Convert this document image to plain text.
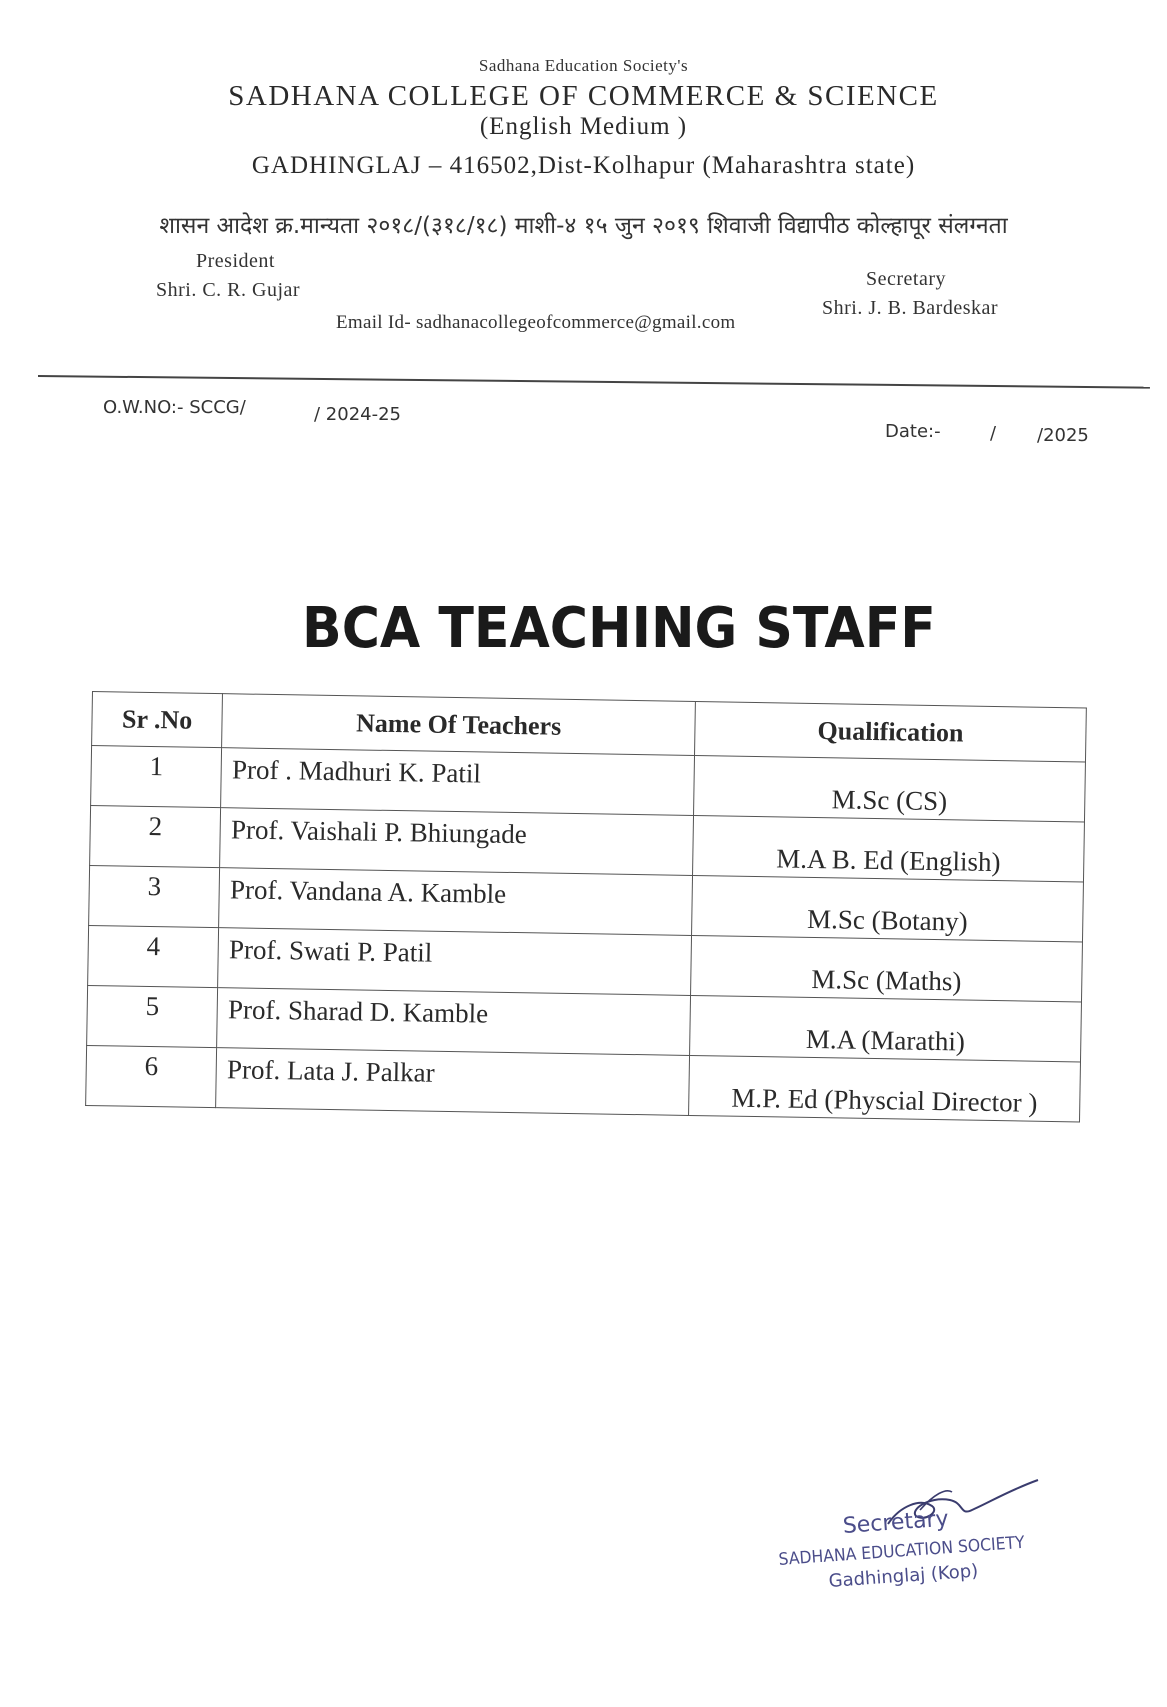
Sadhana Education Society's
SADHANA COLLEGE OF COMMERCE & SCIENCE
(English Medium )
GADHINGLAJ – 416502,Dist-Kolhapur (Maharashtra state)
शासन आदेश क्र.मान्यता २०१८/(३१८/१८) माशी-४ १५ जुन २०१९ शिवाजी विद्यापीठ कोल्हापूर संलग्नता
President
Shri. C. R. Gujar	Secretary
Shri. J. B. Bardeskar
Email Id- sadhanacollegeofcommerce@gmail.com
O.W.NO:- SCCG/	/ 2024-25
Date:-	/ /2025
BCA TEACHING STAFF
Sr .No	Name Of Teachers	Qualification
1	Prof . Madhuri K. Patil	M.Sc (CS)
2	Prof. Vaishali P. Bhiungade	M.A B. Ed (English)
3	Prof. Vandana A. Kamble	M.Sc (Botany)
4	Prof. Swati P. Patil	M.Sc (Maths)
5	Prof. Sharad D. Kamble	M.A (Marathi)
6	Prof. Lata J. Palkar	M.P. Ed (Physcial Director )
Secretary
SADHANA EDUCATION SOCIETY
Gadhinglaj (Kop)
